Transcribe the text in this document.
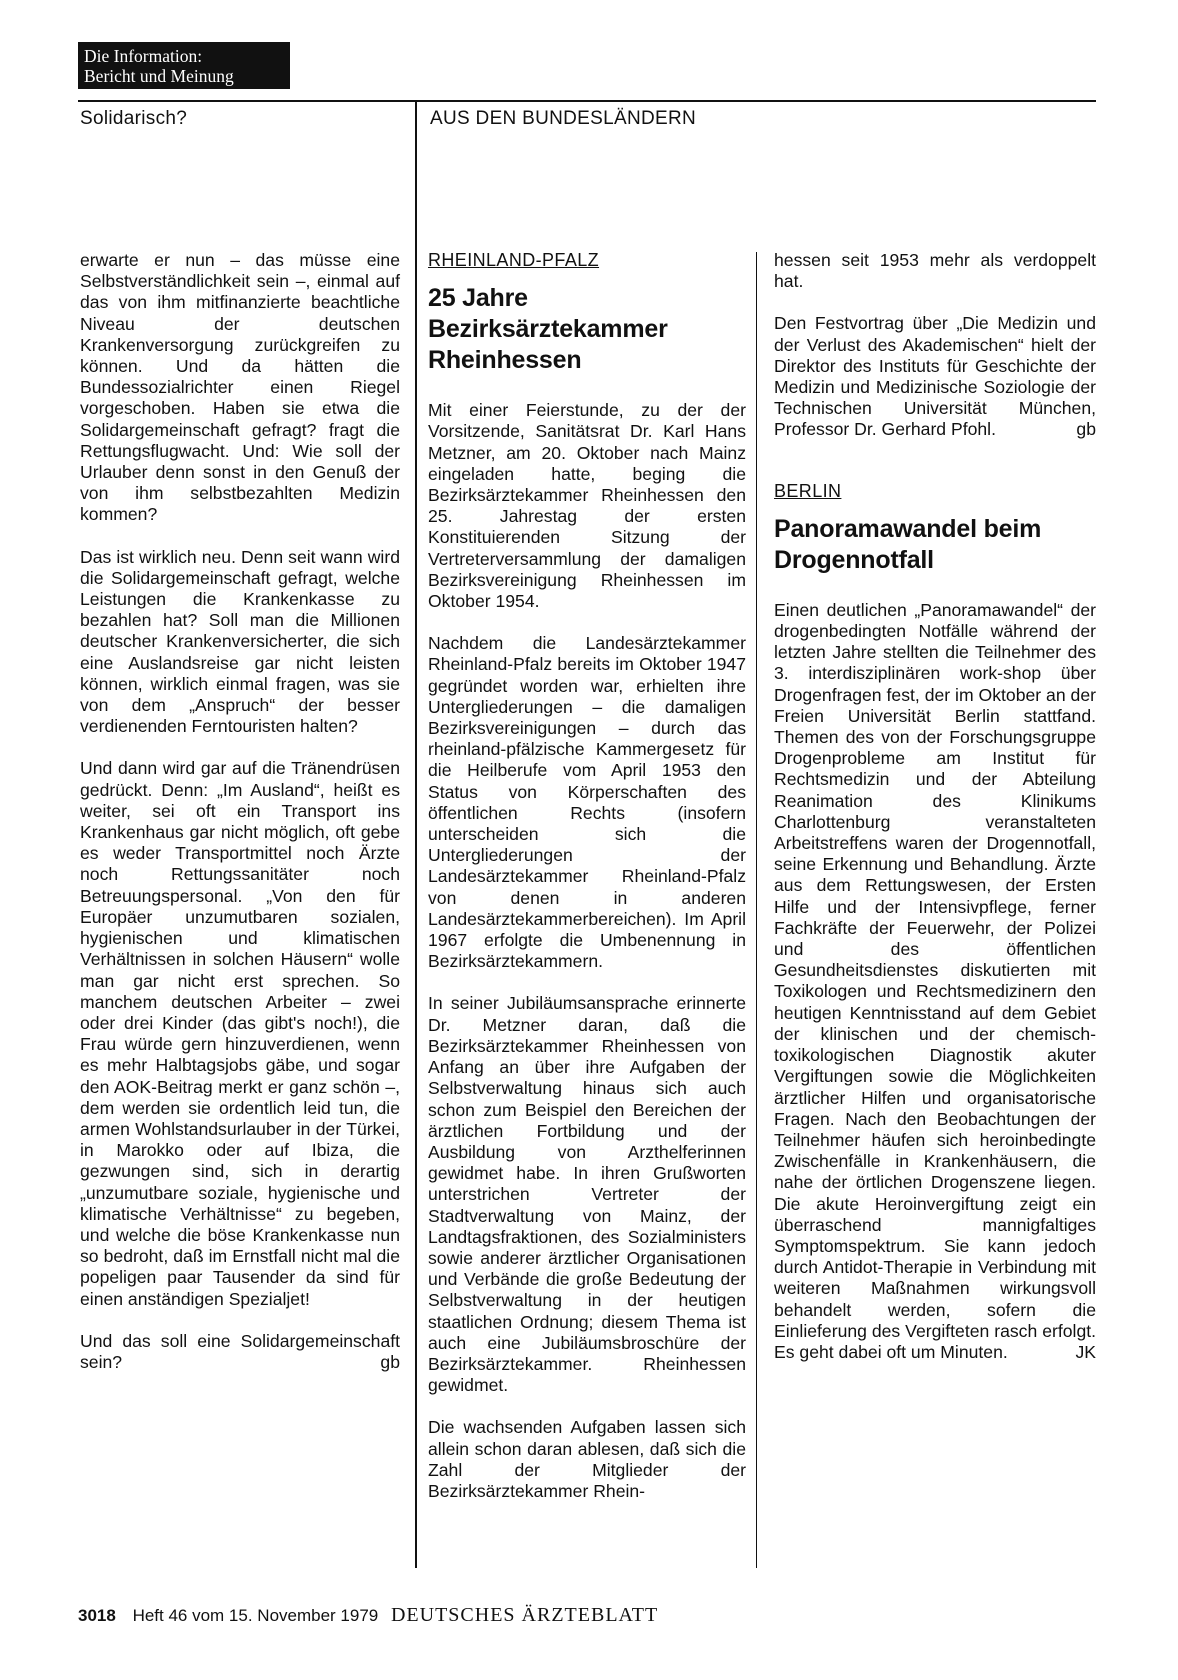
Die Information:
Bericht und Meinung
Solidarisch?	AUS DEN BUNDESLÄNDERN

erwarte er nun – das müsse eine Selbstverständlichkeit sein –, einmal auf das von ihm mitfinanzierte beachtliche Niveau der deutschen Krankenversorgung zurückgreifen zu können. Und da hätten die Bundessozialrichter einen Riegel vorgeschoben. Haben sie etwa die Solidargemeinschaft gefragt? fragt die Rettungsflugwacht. Und: Wie soll der Urlauber denn sonst in den Genuß der von ihm selbstbezahlten Medizin kommen?

Das ist wirklich neu. Denn seit wann wird die Solidargemeinschaft gefragt, welche Leistungen die Krankenkasse zu bezahlen hat? Soll man die Millionen deutscher Krankenversicherter, die sich eine Auslandsreise gar nicht leisten können, wirklich einmal fragen, was sie von dem „Anspruch“ der besser verdienenden Ferntouristen halten?

Und dann wird gar auf die Tränendrüsen gedrückt. Denn: „Im Ausland“, heißt es weiter, sei oft ein Transport ins Krankenhaus gar nicht möglich, oft gebe es weder Transportmittel noch Ärzte noch Rettungssanitäter noch Betreuungspersonal. „Von den für Europäer unzumutbaren sozialen, hygienischen und klimatischen Verhältnissen in solchen Häusern“ wolle man gar nicht erst sprechen. So manchem deutschen Arbeiter – zwei oder drei Kinder (das gibt's noch!), die Frau würde gern hinzuverdienen, wenn es mehr Halbtagsjobs gäbe, und sogar den AOK-Beitrag merkt er ganz schön –, dem werden sie ordentlich leid tun, die armen Wohlstandsurlauber in der Türkei, in Marokko oder auf Ibiza, die gezwungen sind, sich in derartig „unzumutbare soziale, hygienische und klimatische Verhältnisse“ zu begeben, und welche die böse Krankenkasse nun so bedroht, daß im Ernstfall nicht mal die popeligen paar Tausender da sind für einen anständigen Spezialjet!

Und das soll eine Solidargemeinschaft sein?	gb

RHEINLAND-PFALZ
25 Jahre Bezirksärztekammer Rheinhessen

Mit einer Feierstunde, zu der der Vorsitzende, Sanitätsrat Dr. Karl Hans Metzner, am 20. Oktober nach Mainz eingeladen hatte, beging die Bezirksärztekammer Rheinhessen den 25. Jahrestag der ersten Konstituierenden Sitzung der Vertreterversammlung der damaligen Bezirksvereinigung Rheinhessen im Oktober 1954.

Nachdem die Landesärztekammer Rheinland-Pfalz bereits im Oktober 1947 gegründet worden war, erhielten ihre Untergliederungen – die damaligen Bezirksvereinigungen – durch das rheinland-pfälzische Kammergesetz für die Heilberufe vom April 1953 den Status von Körperschaften des öffentlichen Rechts (insofern unterscheiden sich die Untergliederungen der Landesärztekammer Rheinland-Pfalz von denen in anderen Landesärztekammerbereichen). Im April 1967 erfolgte die Umbenennung in Bezirksärztekammern.

In seiner Jubiläumsansprache erinnerte Dr. Metzner daran, daß die Bezirksärztekammer Rheinhessen von Anfang an über ihre Aufgaben der Selbstverwaltung hinaus sich auch schon zum Beispiel den Bereichen der ärztlichen Fortbildung und der Ausbildung von Arzthelferinnen gewidmet habe. In ihren Grußworten unterstrichen Vertreter der Stadtverwaltung von Mainz, der Landtagsfraktionen, des Sozialministers sowie anderer ärztlicher Organisationen und Verbände die große Bedeutung der Selbstverwaltung in der heutigen staatlichen Ordnung; diesem Thema ist auch eine Jubiläumsbroschüre der Bezirksärztekammer. Rheinhessen gewidmet.

Die wachsenden Aufgaben lassen sich allein schon daran ablesen, daß sich die Zahl der Mitglieder der Bezirksärztekammer Rhein-

hessen seit 1953 mehr als verdoppelt hat.

Den Festvortrag über „Die Medizin und der Verlust des Akademischen“ hielt der Direktor des Instituts für Geschichte der Medizin und Medizinische Soziologie der Technischen Universität München, Professor Dr. Gerhard Pfohl.	gb

BERLIN
Panoramawandel beim Drogennotfall

Einen deutlichen „Panoramawandel“ der drogenbedingten Notfälle während der letzten Jahre stellten die Teilnehmer des 3. interdisziplinären work-shop über Drogenfragen fest, der im Oktober an der Freien Universität Berlin stattfand. Themen des von der Forschungsgruppe Drogenprobleme am Institut für Rechtsmedizin und der Abteilung Reanimation des Klinikums Charlottenburg veranstalteten Arbeitstreffens waren der Drogennotfall, seine Erkennung und Behandlung. Ärzte aus dem Rettungswesen, der Ersten Hilfe und der Intensivpflege, ferner Fachkräfte der Feuerwehr, der Polizei und des öffentlichen Gesundheitsdienstes diskutierten mit Toxikologen und Rechtsmedizinern den heutigen Kenntnisstand auf dem Gebiet der klinischen und der chemisch-toxikologischen Diagnostik akuter Vergiftungen sowie die Möglichkeiten ärztlicher Hilfen und organisatorische Fragen. Nach den Beobachtungen der Teilnehmer häufen sich heroinbedingte Zwischenfälle in Krankenhäusern, die nahe der örtlichen Drogenszene liegen. Die akute Heroinvergiftung zeigt ein überraschend mannigfaltiges Symptomspektrum. Sie kann jedoch durch Antidot-Therapie in Verbindung mit weiteren Maßnahmen wirkungsvoll behandelt werden, sofern die Einlieferung des Vergifteten rasch erfolgt. Es geht dabei oft um Minuten.	JK

3018 Heft 46 vom 15. November 1979 DEUTSCHES ÄRZTEBLATT
